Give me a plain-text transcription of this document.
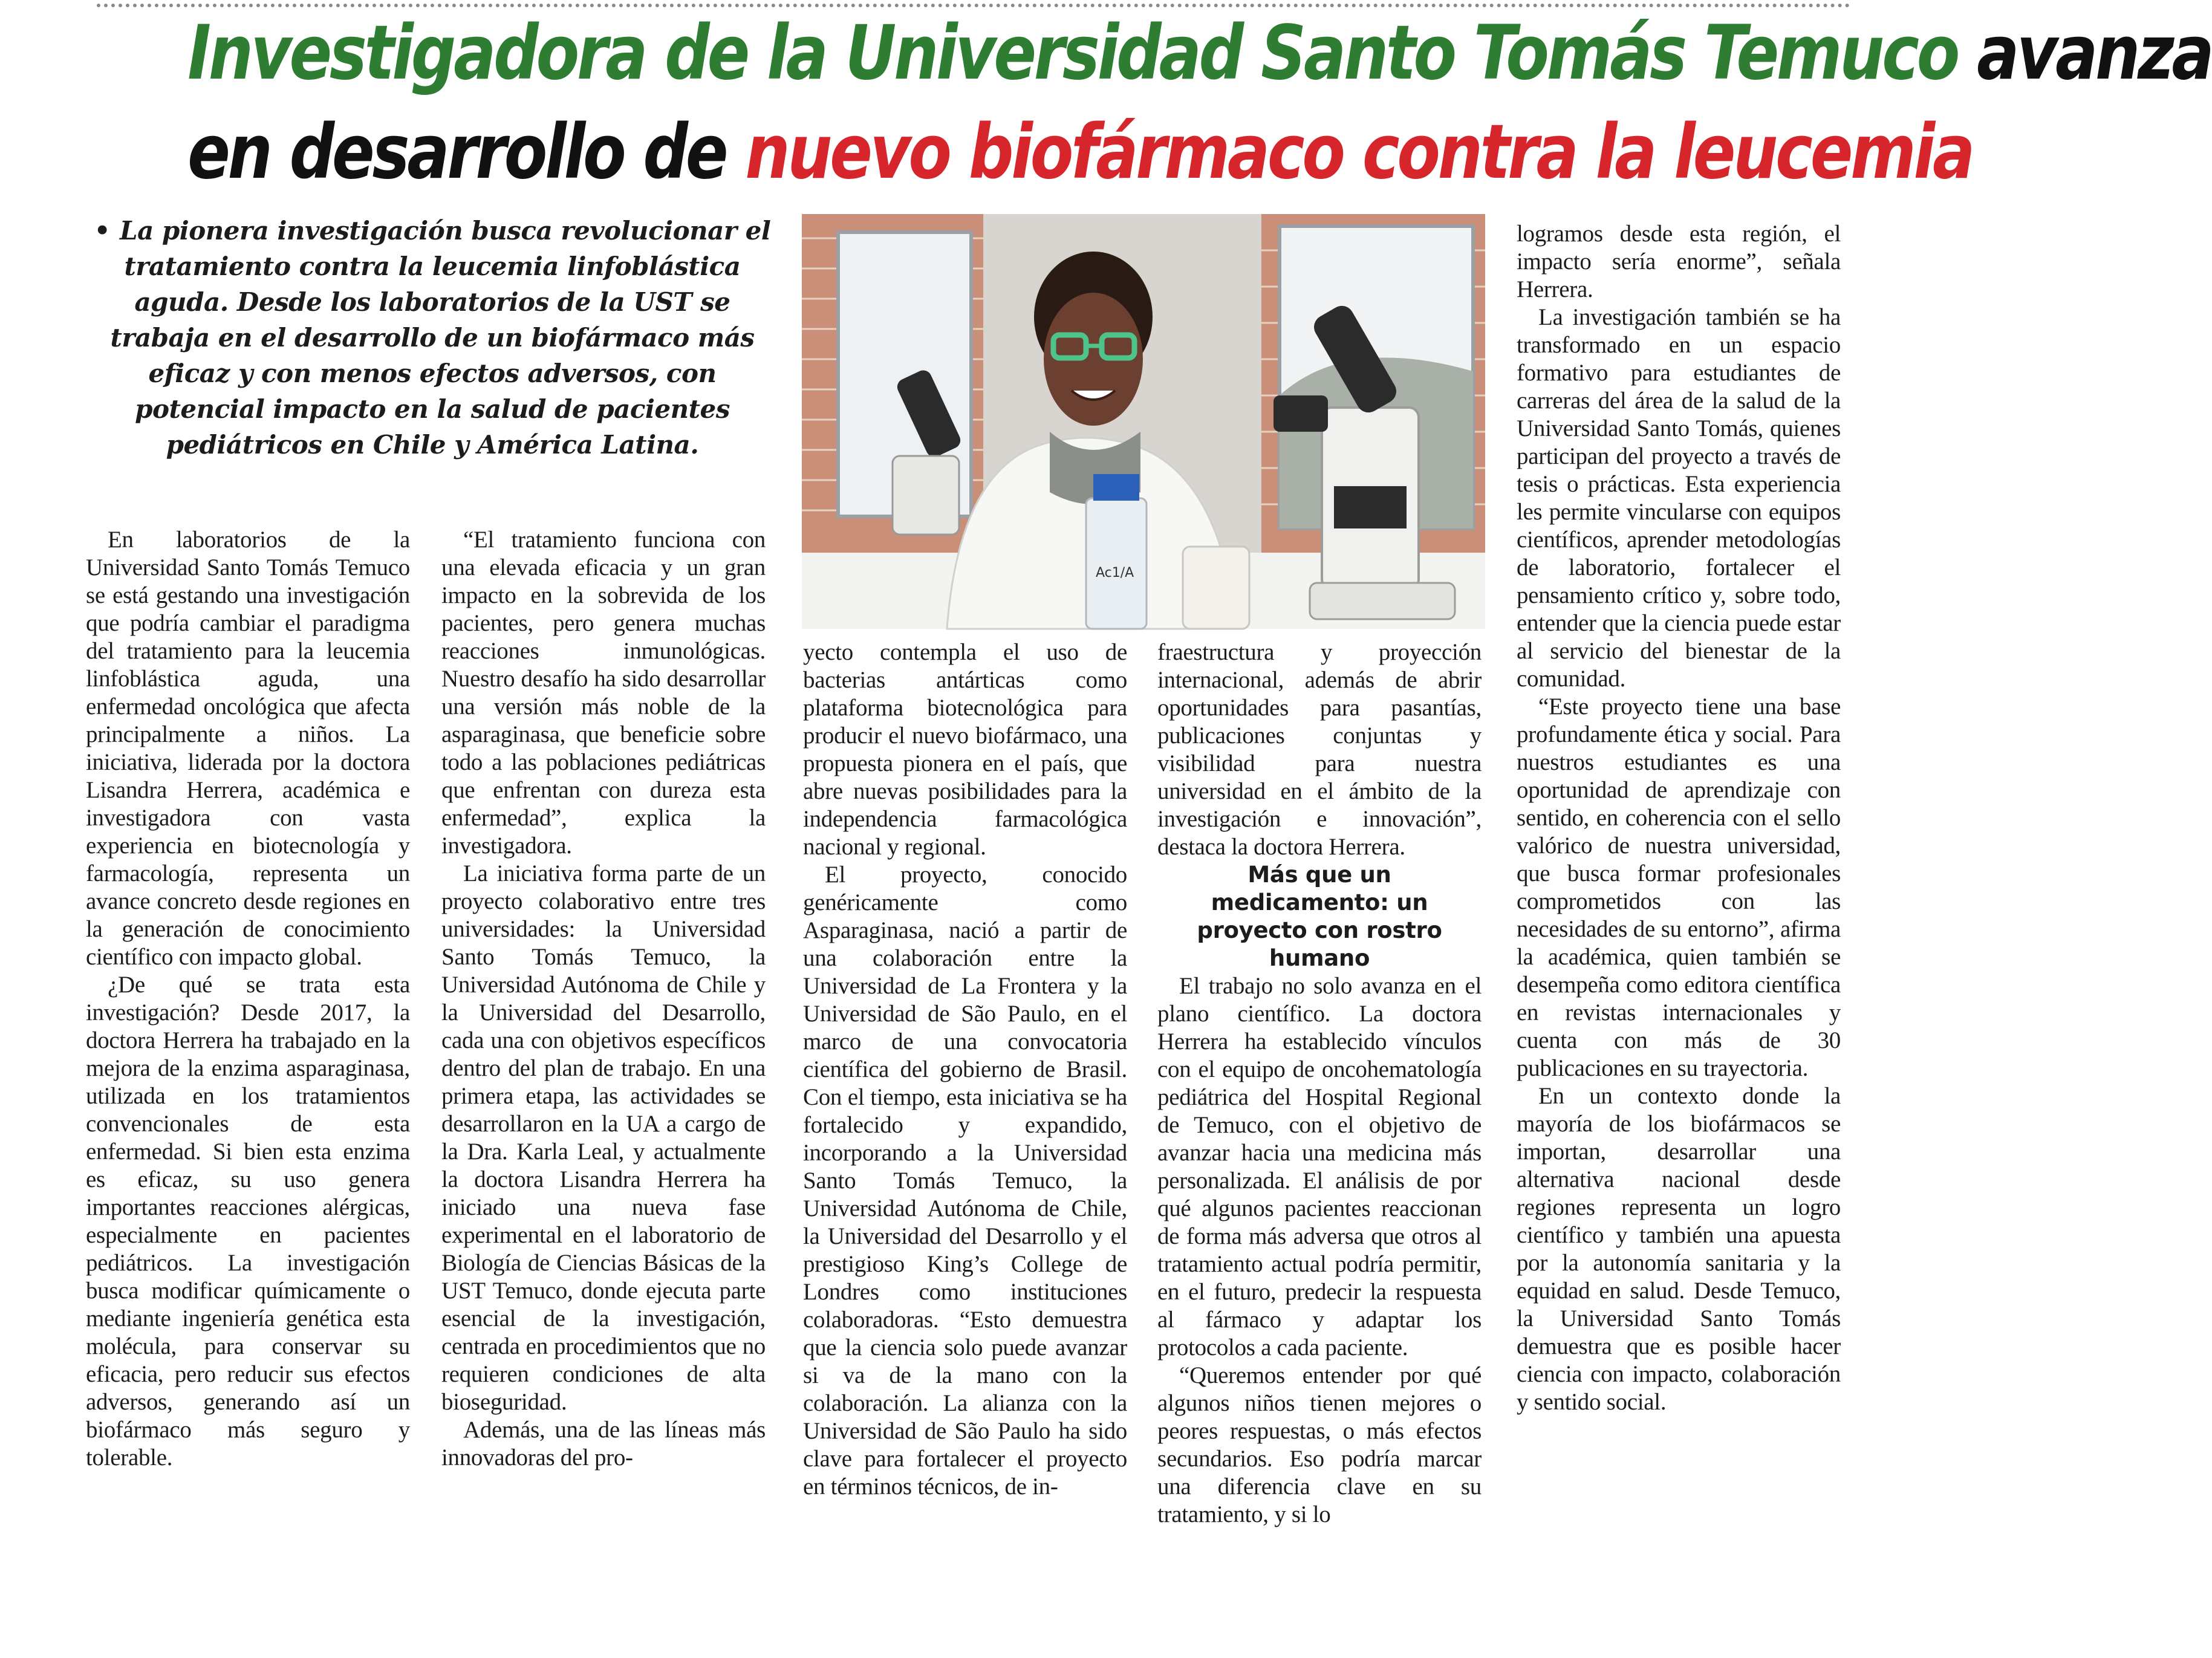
Investigadora de la Universidad Santo Tomás Temuco avanza
en desarrollo de nuevo biofármaco contra la leucemia

• La pionera investigación busca revolucionar el tratamiento contra la leucemia linfoblástica aguda. Desde los laboratorios de la UST se trabaja en el desarrollo de un biofármaco más eficaz y con menos efectos adversos, con potencial impacto en la salud de pacientes pediátricos en Chile y América Latina.

Ac1/A

En laboratorios de la Universidad Santo Tomás Temuco se está gestando una investigación que podría cambiar el paradigma del tratamiento para la leucemia linfoblástica aguda, una enfermedad oncológica que afecta principalmente a niños. La iniciativa, liderada por la doctora Lisandra Herrera, académica e investigadora con vasta experiencia en biotecnología y farmacología, representa un avance concreto desde regiones en la generación de conocimiento científico con impacto global.

¿De qué se trata esta investigación? Desde 2017, la doctora Herrera ha trabajado en la mejora de la enzima asparaginasa, utilizada en los tratamientos convencionales de esta enfermedad. Si bien esta enzima es eficaz, su uso genera importantes reacciones alérgicas, especialmente en pacientes pediátricos. La investigación busca modificar químicamente o mediante ingeniería genética esta molécula, para conservar su eficacia, pero reducir sus efectos adversos, generando así un biofármaco más seguro y tolerable.

“El tratamiento funciona con una elevada eficacia y un gran impacto en la sobrevida de los pacientes, pero genera muchas reacciones inmunológicas. Nuestro desafío ha sido desarrollar una versión más noble de la asparaginasa, que beneficie sobre todo a las poblaciones pediátricas que enfrentan con dureza esta enfermedad”, explica la investigadora.

La iniciativa forma parte de un proyecto colaborativo entre tres universidades: la Universidad Santo Tomás Temuco, la Universidad Autónoma de Chile y la Universidad del Desarrollo, cada una con objetivos específicos dentro del plan de trabajo. En una primera etapa, las actividades se desarrollaron en la UA a cargo de la Dra. Karla Leal, y actualmente la doctora Lisandra Herrera ha iniciado una nueva fase experimental en el laboratorio de Biología de Ciencias Básicas de la UST Temuco, donde ejecuta parte esencial de la investigación, centrada en procedimientos que no requieren condiciones de alta bioseguridad.

Además, una de las líneas más innovadoras del pro-

yecto contempla el uso de bacterias antárticas como plataforma biotecnológica para producir el nuevo biofármaco, una propuesta pionera en el país, que abre nuevas posibilidades para la independencia farmacológica nacional y regional.

El proyecto, conocido genéricamente como Asparaginasa, nació a partir de una colaboración entre la Universidad de La Frontera y la Universidad de São Paulo, en el marco de una convocatoria científica del gobierno de Brasil. Con el tiempo, esta iniciativa se ha fortalecido y expandido, incorporando a la Universidad Santo Tomás Temuco, la Universidad Autónoma de Chile, la Universidad del Desarrollo y el prestigioso King’s College de Londres como instituciones colaboradoras. “Esto demuestra que la ciencia solo puede avanzar si va de la mano con la colaboración. La alianza con la Universidad de São Paulo ha sido clave para fortalecer el proyecto en términos técnicos, de in-

fraestructura y proyección internacional, además de abrir oportunidades para pasantías, publicaciones conjuntas y visibilidad para nuestra universidad en el ámbito de la investigación e innovación”, destaca la doctora Herrera.

Más que un medicamento: un proyecto con rostro humano

El trabajo no solo avanza en el plano científico. La doctora Herrera ha establecido vínculos con el equipo de oncohematología pediátrica del Hospital Regional de Temuco, con el objetivo de avanzar hacia una medicina más personalizada. El análisis de por qué algunos pacientes reaccionan de forma más adversa que otros al tratamiento actual podría permitir, en el futuro, predecir la respuesta al fármaco y adaptar los protocolos a cada paciente.

“Queremos entender por qué algunos niños tienen mejores o peores respuestas, o más efectos secundarios. Eso podría marcar una diferencia clave en su tratamiento, y si lo

logramos desde esta región, el impacto sería enorme”, señala Herrera.

La investigación también se ha transformado en un espacio formativo para estudiantes de carreras del área de la salud de la Universidad Santo Tomás, quienes participan del proyecto a través de tesis o prácticas. Esta experiencia les permite vincularse con equipos científicos, aprender metodologías de laboratorio, fortalecer el pensamiento crítico y, sobre todo, entender que la ciencia puede estar al servicio del bienestar de la comunidad.

“Este proyecto tiene una base profundamente ética y social. Para nuestros estudiantes es una oportunidad de aprendizaje con sentido, en coherencia con el sello valórico de nuestra universidad, que busca formar profesionales comprometidos con las necesidades de su entorno”, afirma la académica, quien también se desempeña como editora científica en revistas internacionales y cuenta con más de 30 publicaciones en su trayectoria.

En un contexto donde la mayoría de los biofármacos se importan, desarrollar una alternativa nacional desde regiones representa un logro científico y también una apuesta por la autonomía sanitaria y la equidad en salud. Desde Temuco, la Universidad Santo Tomás demuestra que es posible hacer ciencia con impacto, colaboración y sentido social.
